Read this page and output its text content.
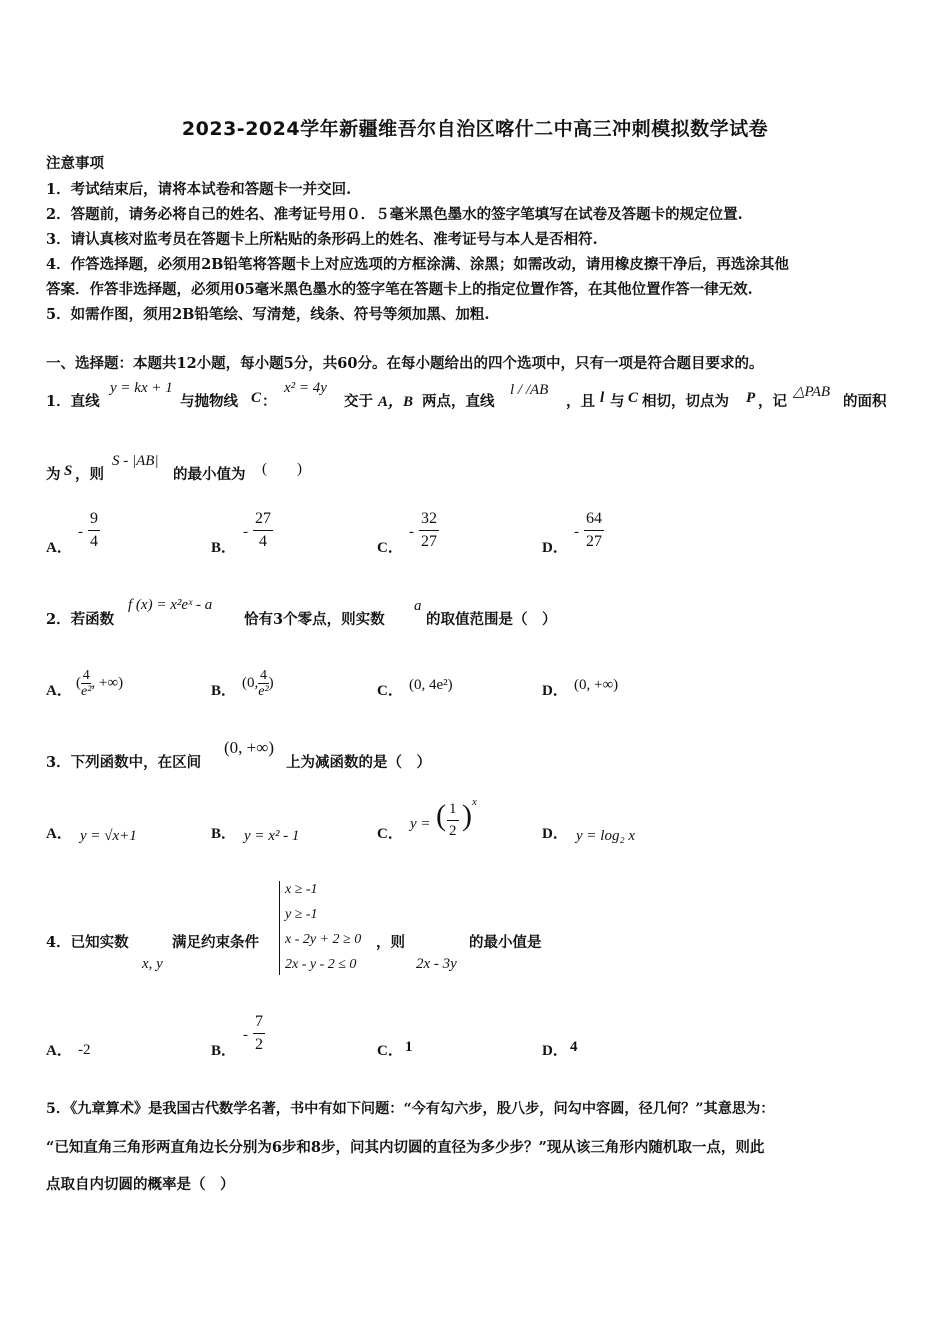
2023-2024学年新疆维吾尔自治区喀什二中高三冲刺模拟数学试卷
注意事项
1．考试结束后，请将本试卷和答题卡一并交回.
2．答题前，请务必将自己的姓名、准考证号用０．５毫米黑色墨水的签字笔填写在试卷及答题卡的规定位置.
3．请认真核对监考员在答题卡上所粘贴的条形码上的姓名、准考证号与本人是否相符.
4．作答选择题，必须用2B铅笔将答题卡上对应选项的方框涂满、涂黑；如需改动，请用橡皮擦干净后，再选涂其他
答案．作答非选择题，必须用05毫米黑色墨水的签字笔在答题卡上的指定位置作答，在其他位置作答一律无效.
5．如需作图，须用2B铅笔绘、写清楚，线条、符号等须加黑、加粗.
一、选择题：本题共12小题，每小题5分，共60分。在每小题给出的四个选项中，只有一项是符合题目要求的。
1．直线
y = kx + 1
与抛物线 C ：
x² = 4y
交于 A，B 两点，直线
l / /AB
，且 l 与 C 相切，切点为 P ，记
△PAB
的面积
为 S ，则
S - |AB|
的最小值为 (　　)
A．
-
9
4	B．
-
27
4	C．
-
32
27	D．
-
64
27
2．若函数
f (x) = x²eˣ - a
恰有3个零点，则实数
a
的取值范围是（　）
A．
( $\frac{4}{\text{e²}}$ , +∞)
B．
(0, $\frac{4}{\text{e²}}$ )
C． (0, 4e²)	D． (0, +∞)
3．下列函数中，在区间
(0, +∞)
上为减函数的是（　）
A． y = √x+1	B． y = x² - 1	C．
y = ( 1
2 ) x
D． y = log₂ x
4．已知实数
x, y
满足约束条件
x ≥ -1
y ≥ -1
x - 2y + 2 ≥ 0
2x - y - 2 ≤ 0
，则
2x - 3y
的最小值是
A． -2	B．
-
7
2	C． 1	D． 4
5．《九章算术》是我国古代数学名著，书中有如下问题：“今有勾六步，股八步，问勾中容圆，径几何？”其意思为：
“已知直角三角形两直角边长分别为6步和8步，问其内切圆的直径为多少步？”现从该三角形内随机取一点，则此
点取自内切圆的概率是（　）
